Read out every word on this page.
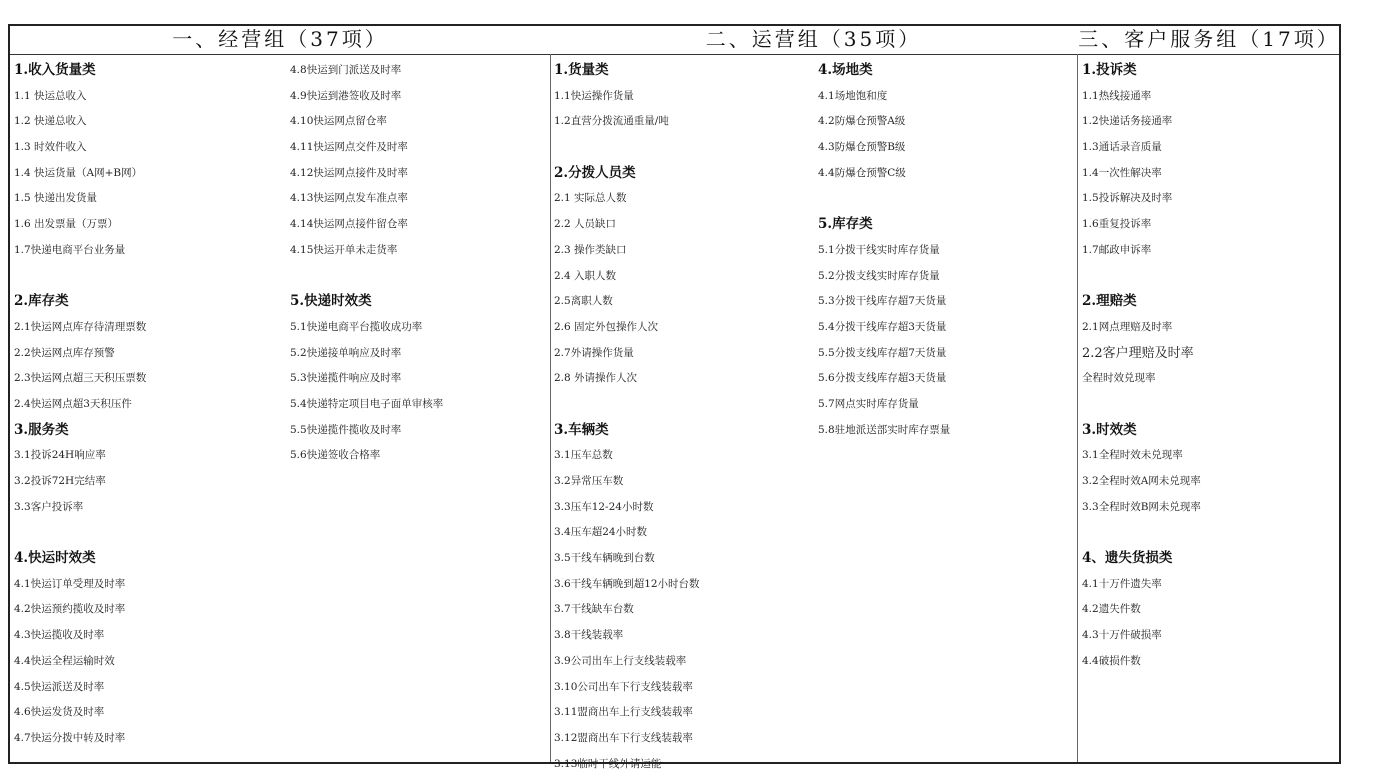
一、经营组（37项）	二、运营组（35项）	三、客户服务组（17项）
1.收入货量类
1.1 快运总收入
1.2 快递总收入
1.3 时效件收入
1.4 快运货量（A网+B网）
1.5 快递出发货量
1.6 出发票量（万票）
1.7快递电商平台业务量
2.库存类
2.1快运网点库存待清理票数
2.2快运网点库存预警
2.3快运网点超三天积压票数
2.4快运网点超3天积压件
3.服务类
3.1投诉24H响应率
3.2投诉72H完结率
3.3客户投诉率
4.快运时效类
4.1快运订单受理及时率
4.2快运预约揽收及时率
4.3快运揽收及时率
4.4快运全程运输时效
4.5快运派送及时率
4.6快运发货及时率
4.7快运分拨中转及时率
4.8快运到门派送及时率
4.9快运到港签收及时率
4.10快运网点留仓率
4.11快运网点交件及时率
4.12快运网点接件及时率
4.13快运网点发车准点率
4.14快运网点接件留仓率
4.15快运开单未走货率
5.快递时效类
5.1快递电商平台揽收成功率
5.2快递接单响应及时率
5.3快递揽件响应及时率
5.4快递特定项目电子面单审核率
5.5快递揽件揽收及时率
5.6快递签收合格率
1.货量类
1.1快运操作货量
1.2直营分拨流通重量/吨
2.分拨人员类
2.1 实际总人数
2.2 人员缺口
2.3 操作类缺口
2.4 入职人数
2.5离职人数
2.6 固定外包操作人次
2.7外请操作货量
2.8 外请操作人次
3.车辆类
3.1压车总数
3.2异常压车数
3.3压车12-24小时数
3.4压车超24小时数
3.5干线车辆晚到台数
3.6干线车辆晚到超12小时台数
3.7干线缺车台数
3.8干线装载率
3.9公司出车上行支线装载率
3.10公司出车下行支线装载率
3.11盟商出车上行支线装载率
3.12盟商出车下行支线装载率
3.13临时干线外请运能
4.场地类
4.1场地饱和度
4.2防爆仓预警A级
4.3防爆仓预警B级
4.4防爆仓预警C级
5.库存类
5.1分拨干线实时库存货量
5.2分拨支线实时库存货量
5.3分拨干线库存超7天货量
5.4分拨干线库存超3天货量
5.5分拨支线库存超7天货量
5.6分拨支线库存超3天货量
5.7网点实时库存货量
5.8驻地派送部实时库存票量
1.投诉类
1.1热线接通率
1.2快递话务接通率
1.3通话录音质量
1.4一次性解决率
1.5投诉解决及时率
1.6重复投诉率
1.7邮政申诉率
2.理赔类
2.1网点理赔及时率
2.2客户理赔及时率
全程时效兑现率
3.时效类
3.1全程时效未兑现率
3.2全程时效A网未兑现率
3.3全程时效B网未兑现率
4、遗失货损类
4.1十万件遗失率
4.2遗失件数
4.3十万件破损率
4.4破损件数
